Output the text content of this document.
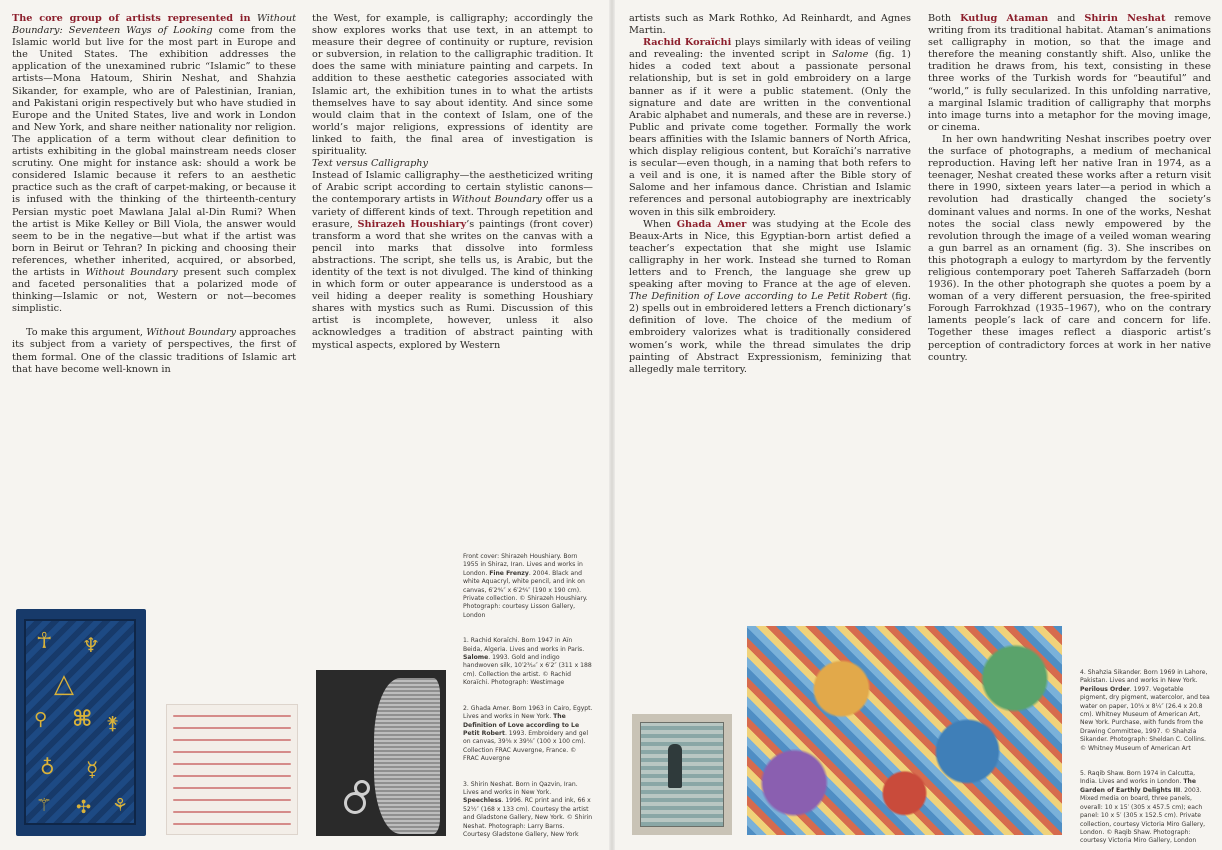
The core group of artists represented in Without Boundary: Seventeen Ways of Looking come from the Islamic world but live for the most part in Europe and the United States. The exhibition addresses the application of the unexamined rubric “Islamic” to these artists—Mona Hatoum, Shirin Neshat, and Shahzia Sikander, for example, who are of Palestinian, Iranian, and Pakistani origin respectively but who have studied in Europe and the United States, live and work in London and New York, and share neither nationality nor religion. The application of a term without clear definition to artists exhibiting in the global mainstream needs closer scrutiny. One might for instance ask: should a work be considered Islamic because it refers to an aesthetic practice such as the craft of carpet-making, or because it is infused with the thinking of the thirteenth-century Persian mystic poet Mawlana Jalal al-Din Rumi? When the artist is Mike Kelley or Bill Viola, the answer would seem to be in the negative—but what if the artist was born in Beirut or Tehran? In picking and choosing their references, whether inherited, acquired, or absorbed, the artists in Without Boundary present such complex and faceted personalities that a polarized mode of thinking—Islamic or not, Western or not—becomes simplistic.

To make this argument, Without Boundary approaches its subject from a variety of perspectives, the first of them formal. One of the classic traditions of Islamic art that have become well-known in

the West, for example, is calligraphy; accordingly the show explores works that use text, in an attempt to measure their degree of continuity or rupture, revision or subversion, in relation to the calligraphic tradition. It does the same with miniature painting and carpets. In addition to these aesthetic categories associated with Islamic art, the exhibition tunes in to what the artists themselves have to say about identity. And since some would claim that in the context of Islam, one of the world’s major religions, expressions of identity are linked to faith, the final area of investigation is spirituality.

Text versus Calligraphy

Instead of Islamic calligraphy—the aestheticized writing of Arabic script according to certain stylistic canons—the contemporary artists in Without Boundary offer us a variety of different kinds of text. Through repetition and erasure, Shirazeh Houshiary’s paintings (front cover) transform a word that she writes on the canvas with a pencil into marks that dissolve into formless abstractions. The script, she tells us, is Arabic, but the identity of the text is not divulged. The kind of thinking in which form or outer appearance is understood as a veil hiding a deeper reality is something Houshiary shares with mystics such as Rumi. Discussion of this artist is incomplete, however, unless it also acknowledges a tradition of abstract painting with mystical aspects, explored by Western

artists such as Mark Rothko, Ad Reinhardt, and Agnes Martin.

Rachid Koraïchi plays similarly with ideas of veiling and revealing: the invented script in Salome (fig. 1) hides a coded text about a passionate personal relationship, but is set in gold embroidery on a large banner as if it were a public statement. (Only the signature and date are written in the conventional Arabic alphabet and numerals, and these are in reverse.) Public and private come together. Formally the work bears affinities with the Islamic banners of North Africa, which display religious content, but Koraïchi’s narrative is secular—even though, in a naming that both refers to a veil and is one, it is named after the Bible story of Salome and her infamous dance. Christian and Islamic references and personal autobiography are inextricably woven in this silk embroidery.

When Ghada Amer was studying at the Ecole des Beaux-Arts in Nice, this Egyptian-born artist defied a teacher’s expectation that she might use Islamic calligraphy in her work. Instead she turned to Roman letters and to French, the language she grew up speaking after moving to France at the age of eleven. The Definition of Love according to Le Petit Robert (fig. 2) spells out in embroidered letters a French dictionary’s definition of love. The choice of the medium of embroidery valorizes what is traditionally considered women’s work, while the thread simulates the drip painting of Abstract Expressionism, feminizing that allegedly male territory.

Both Kutlug Ataman and Shirin Neshat remove writing from its traditional habitat. Ataman’s animations set calligraphy in motion, so that the image and therefore the meaning constantly shift. Also, unlike the tradition he draws from, his text, consisting in these three works of the Turkish words for “beautiful” and “world,” is fully secularized. In this unfolding narrative, a marginal Islamic tradition of calligraphy that morphs into image turns into a metaphor for the moving image, or cinema.

In her own handwriting Neshat inscribes poetry over the surface of photographs, a medium of mechanical reproduction. Having left her native Iran in 1974, as a teenager, Neshat created these works after a return visit there in 1990, sixteen years later—a period in which a revolution had drastically changed the society’s dominant values and norms. In one of the works, Neshat notes the social class newly empowered by the revolution through the image of a veiled woman wearing a gun barrel as an ornament (fig. 3). She inscribes on this photograph a eulogy to martyrdom by the fervently religious contemporary poet Tahereh Saffarzadeh (born 1936). In the other photograph she quotes a poem by a woman of a very different persuasion, the free-spirited Forough Farrokhzad (1935–1967), who on the contrary laments people’s lack of care and concern for life. Together these images reflect a diasporic artist’s perception of contradictory forces at work in her native country.

☥ ♆
△
⚲ ⌘ ⚵
♁ ☿
⚚ ✣ ⚘

Front cover: Shirazeh Houshiary. Born 1955 in Shiraz, Iran. Lives and works in London. Fine Frenzy. 2004. Black and white Aquacryl, white pencil, and ink on canvas, 6′2⁴⁄₉″ x 6′2⁴⁄₉″ (190 x 190 cm). Private collection. © Shirazeh Houshiary. Photograph: courtesy Lisson Gallery, London

1. Rachid Koraïchi. Born 1947 in Aïn Beida, Algeria. Lives and works in Paris. Salome. 1993. Gold and indigo handwoven silk, 10′2³⁄₁₆″ x 6′2″ (311 x 188 cm). Collection the artist. © Rachid Koraïchi. Photograph: Westimage

2. Ghada Amer. Born 1963 in Cairo, Egypt. Lives and works in New York. The Definition of Love according to Le Petit Robert. 1993. Embroidery and gel on canvas, 39⅝ x 39⅝″ (100 x 100 cm). Collection FRAC Auvergne, France. © FRAC Auvergne

3. Shirin Neshat. Born in Qazvin, Iran. Lives and works in New York. Speechless. 1996. RC print and ink, 66 x 52½″ (168 x 133 cm). Courtesy the artist and Gladstone Gallery, New York. © Shirin Neshat. Photograph: Larry Barns. Courtesy Gladstone Gallery, New York

4. Shahzia Sikander. Born 1969 in Lahore, Pakistan. Lives and works in New York. Perilous Order. 1997. Vegetable pigment, dry pigment, watercolor, and tea water on paper, 10⅝ x 8¼″ (26.4 x 20.8 cm). Whitney Museum of American Art, New York. Purchase, with funds from the Drawing Committee, 1997. © Shahzia Sikander. Photograph: Sheldan C. Collins. © Whitney Museum of American Art

5. Raqib Shaw. Born 1974 in Calcutta, India. Lives and works in London. The Garden of Earthly Delights III. 2003. Mixed media on board, three panels, overall: 10 x 15′ (305 x 457.5 cm); each panel: 10 x 5′ (305 x 152.5 cm). Private collection, courtesy Victoria Miro Gallery, London. © Raqib Shaw. Photograph: courtesy Victoria Miro Gallery, London
